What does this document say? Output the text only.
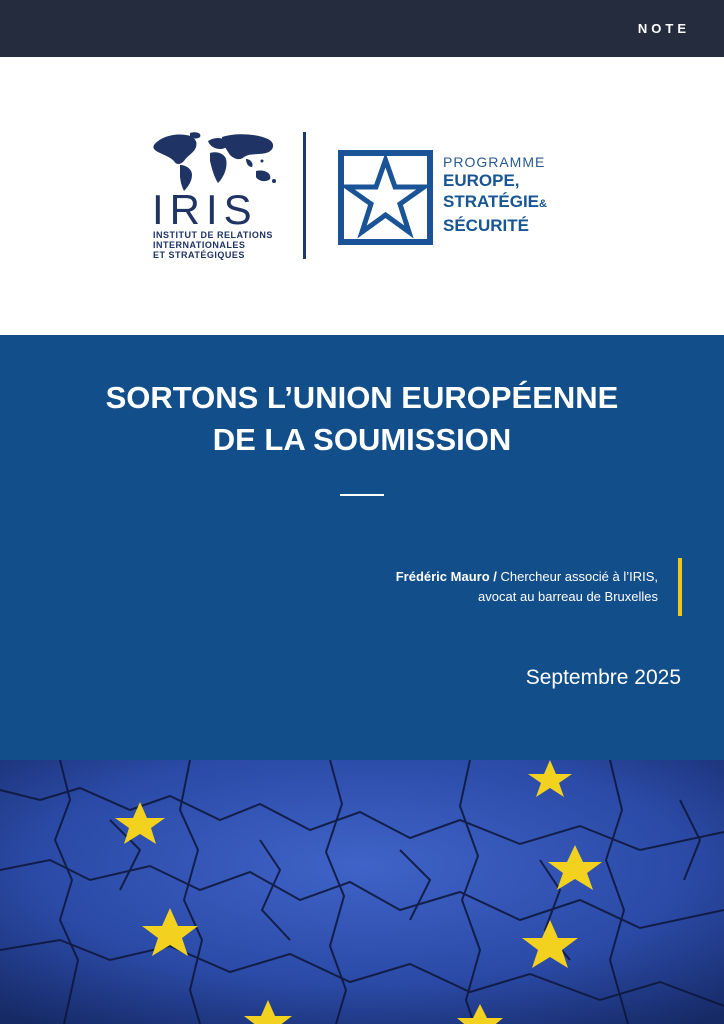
NOTE
IRIS
INSTITUT DE RELATIONS
INTERNATIONALES
ET STRATÉGIQUES
PROGRAMME
EUROPE,
STRATÉGIE&
SÉCURITÉ
SORTONS L’UNION EUROPÉENNE
DE LA SOUMISSION
Frédéric Mauro / Chercheur associé à l’IRIS,
avocat au barreau de Bruxelles
Septembre 2025
